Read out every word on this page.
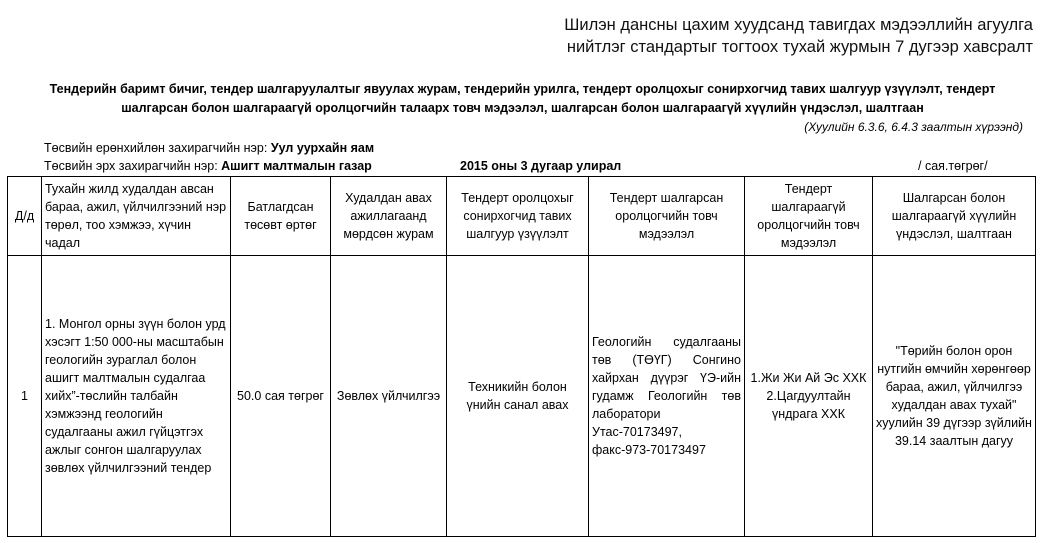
Шилэн дансны цахим хуудсанд тавигдах мэдээллийн агуулга
нийтлэг стандартыг тогтоох тухай журмын 7 дугээр хавсралт
Тендерийн баримт бичиг, тендер шалгаруулалтыг явуулах журам, тендерийн урилга, тендерт оролцохыг сонирхогчид тавих шалгуур үзүүлэлт, тендерт
шалгарсан болон шалгараагүй оролцогчийн талаарх товч мэдээлэл, шалгарсан болон шалгараагүй хүүлийн үндэслэл, шалтгаан
(Хуулийн 6.3.6, 6.4.3 заалтын хүрээнд)
Төсвийн ерөнхийлөн захирагчийн нэр: Уул уурхайн яам
Төсвийн эрх захирагчийн нэр: Ашигт малтмалын газар	2015 оны 3 дугаар улирал	/ сая.төгрөг/
Д/д	Тухайн жилд худалдан авсан бараа, ажил, үйлчилгээний нэр төрөл, тоо хэмжээ, хүчин чадал	Батлагдсан төсөвт өртөг	Худалдан авах ажиллагаанд мөрдсөн журам	Тендерт оролцохыг сонирхогчид тавих шалгуур үзүүлэлт	Тендерт шалгарсан оролцогчийн товч мэдээлэл	Тендерт шалгараагүй оролцогчийн товч мэдээлэл	Шалгарсан болон шалгараагүй хүүлийн үндэслэл, шалтгаан
1	1. Монгол орны зүүн болон урд хэсэгт 1:50 000-ны масштабын геологийн зураглал болон ашигт малтмалын судалгаа хийх”-төслийн талбайн хэмжээнд геологийн судалгааны ажил гүйцэтгэх ажлыг сонгон шалгаруулах зөвлөх үйлчилгээний тендер	50.0 сая төгрөг	Зөвлөх үйлчилгээ	Техникийн болон үнийн санал авах	Геологийн судалгааны төв (ТӨҮГ) Сонгино хайрхан дүүрэг ҮЭ-ийн гудамж Геологийн төв лаборатори Утас-70173497, факс-973-70173497	1.Жи Жи Ай Эс ХХК
2.Цагдуултайн үндрага ХХК	"Төрийн болон орон нутгийн өмчийн хөрөнгөөр бараа, ажил, үйлчилгээ худалдан авах тухай" хуулийн 39 дүгээр зүйлийн 39.14 заалтын дагуу
